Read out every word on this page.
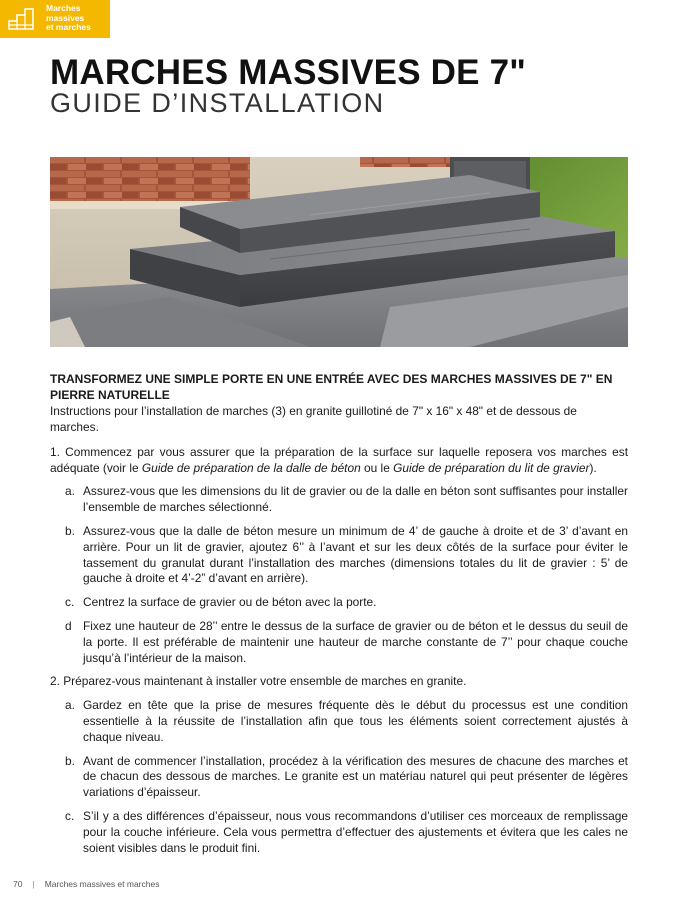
Marches
massives
et marches
MARCHES MASSIVES DE 7"
GUIDE D’INSTALLATION

TRANSFORMEZ UNE SIMPLE PORTE EN UNE ENTRÉE AVEC DES MARCHES MASSIVES DE 7" EN PIERRE NATURELLE

Instructions pour l’installation de marches (3) en granite guillotiné de 7" x 16" x 48" et de dessous de marches.

1. Commencez par vous assurer que la préparation de la surface sur laquelle reposera vos marches est adéquate (voir le Guide de préparation de la dalle de béton ou le Guide de préparation du lit de gravier).

a. Assurez-vous que les dimensions du lit de gravier ou de la dalle en béton sont suffisantes pour installer l’ensemble de marches sélectionné.
b. Assurez-vous que la dalle de béton mesure un minimum de 4’ de gauche à droite et de 3’ d’avant en arrière. Pour un lit de gravier, ajoutez 6’’ à l’avant et sur les deux côtés de la surface pour éviter le tassement du granulat durant l’installation des marches (dimensions totales du lit de gravier : 5’ de gauche à droite et 4’-2” d’avant en arrière).
c. Centrez la surface de gravier ou de béton avec la porte.
d Fixez une hauteur de 28’’ entre le dessus de la surface de gravier ou de béton et le dessus du seuil de la porte. Il est préférable de maintenir une hauteur de marche constante de 7’’ pour chaque couche jusqu’à l’intérieur de la maison.

2. Préparez-vous maintenant à installer votre ensemble de marches en granite.

a. Gardez en tête que la prise de mesures fréquente dès le début du processus est une condition essentielle à la réussite de l’installation afin que tous les éléments soient correctement ajustés à chaque niveau.
b. Avant de commencer l’installation, procédez à la vérification des mesures de chacune des marches et de chacun des dessous de marches. Le granite est un matériau naturel qui peut présenter de légères variations d’épaisseur.
c. S’il y a des différences d’épaisseur, nous vous recommandons d’utiliser ces morceaux de remplissage pour la couche inférieure. Cela vous permettra d’effectuer des ajustements et évitera que les cales ne soient visibles dans le produit fini.
70 | Marches massives et marches
